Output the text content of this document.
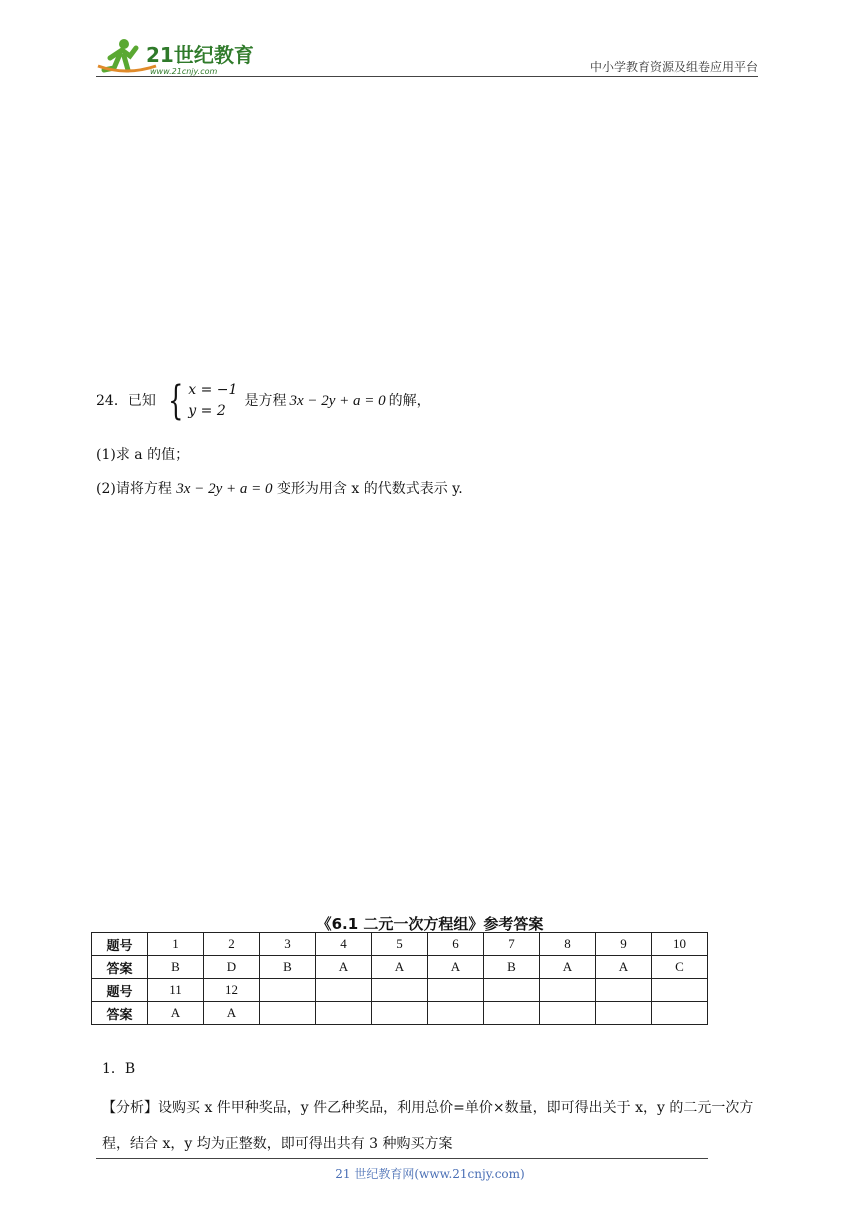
21世纪教育
www.21cnjy.com	中小学教育资源及组卷应用平台
24．已知 { x = −1
y = 2
是方程 3x − 2y + a = 0 的解，
(1)求 a 的值；
(2)请将方程 3x − 2y + a = 0 变形为用含 x 的代数式表示 y.
《6.1 二元一次方程组》参考答案
题号	1	2	3	4	5	6	7	8	9	10
答案	B	D	B	A	A	A	B	A	A	C
题号	11	12								
答案	A	A								
1．B
【分析】设购买 x 件甲种奖品，y 件乙种奖品，利用总价=单价×数量，即可得出关于 x，y 的二元一次方程，结合 x，y 均为正整数，即可得出共有 3 种购买方案
21 世纪教育网(www.21cnjy.com)
